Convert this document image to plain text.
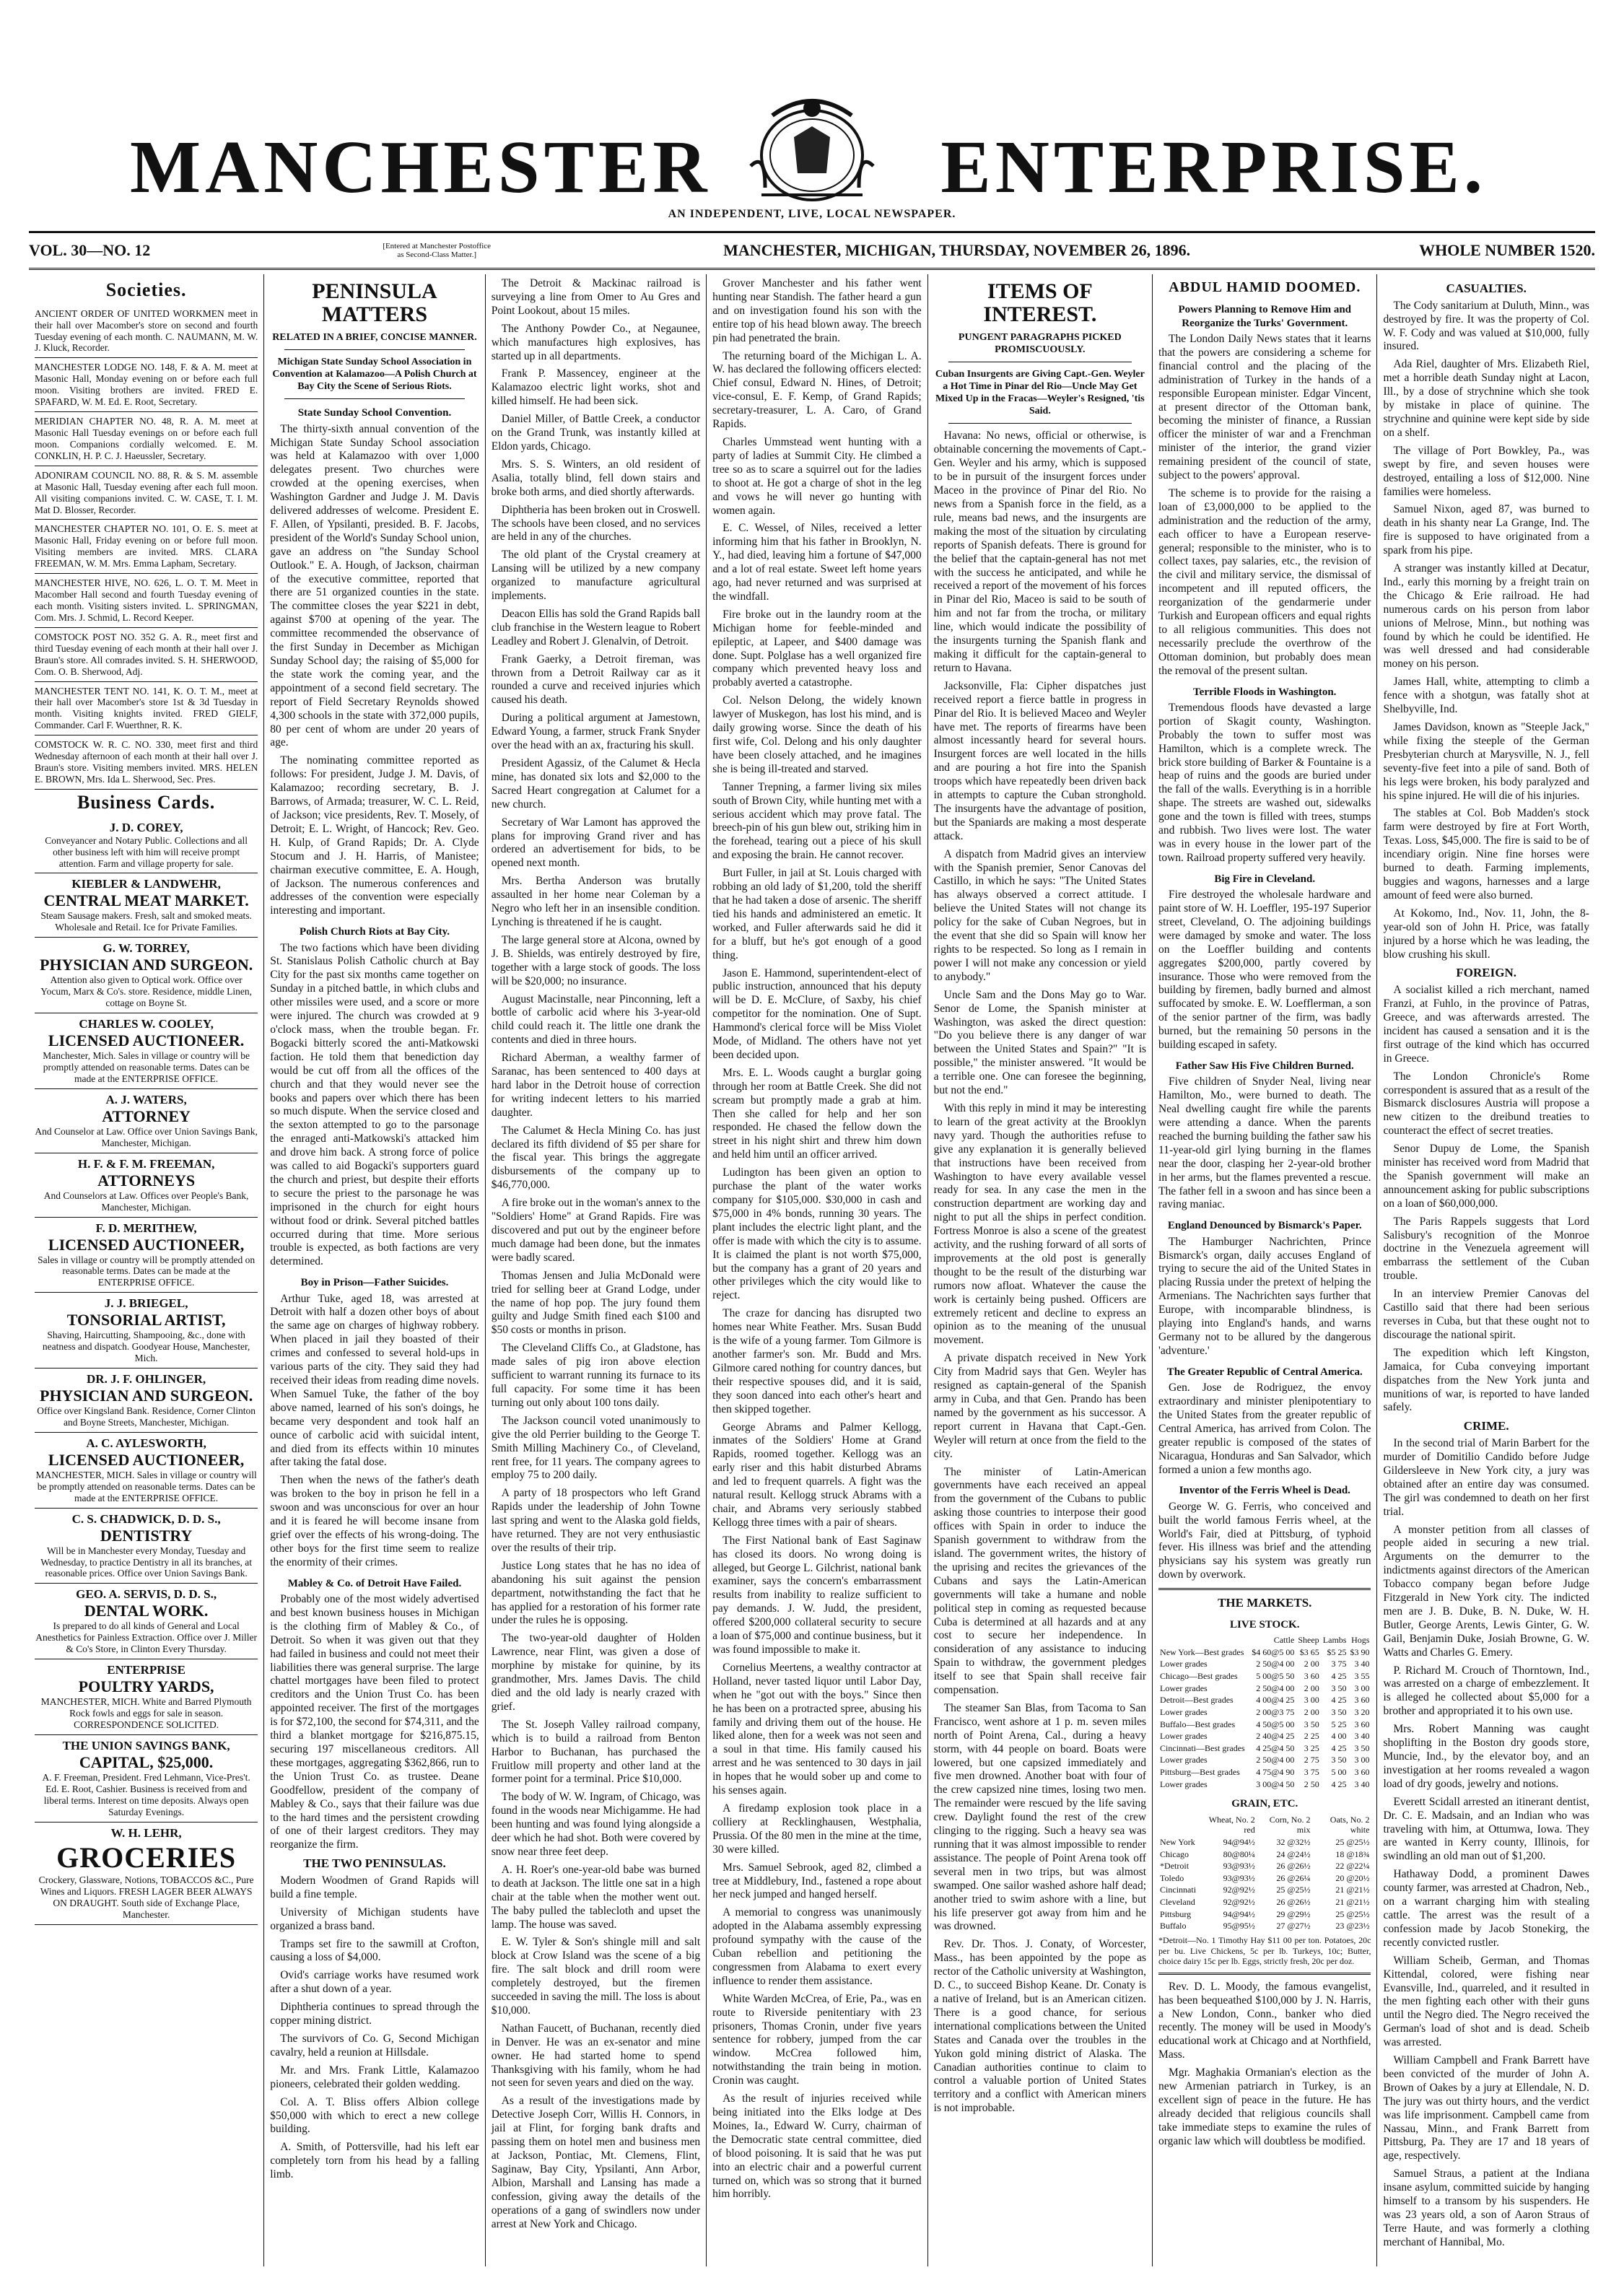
MANCHESTER	ENTERPRISE.
AN INDEPENDENT, LIVE, LOCAL NEWSPAPER.
VOL. 30—NO. 12	[Entered at Manchester Postoffice as Second-Class Matter.]	MANCHESTER, MICHIGAN, THURSDAY, NOVEMBER 26, 1896.	WHOLE NUMBER 1520.
Societies.
ANCIENT ORDER OF UNITED WORKMEN meet in their hall over Macomber's store on second and fourth Tuesday evening of each month. C. NAUMANN, M. W. J. Kluck, Recorder.
MANCHESTER LODGE NO. 148, F. & A. M. meet at Masonic Hall, Monday evening on or before each full moon. Visiting brothers are invited. FRED E. SPAFARD, W. M. Ed. E. Root, Secretary.
MERIDIAN CHAPTER NO. 48, R. A. M. meet at Masonic Hall Tuesday evenings on or before each full moon. Companions cordially welcomed. E. M. CONKLIN, H. P. C. J. Haeussler, Secretary.
ADONIRAM COUNCIL NO. 88, R. & S. M. assemble at Masonic Hall, Tuesday evening after each full moon. All visiting companions invited. C. W. CASE, T. I. M. Mat D. Blosser, Recorder.
MANCHESTER CHAPTER NO. 101, O. E. S. meet at Masonic Hall, Friday evening on or before full moon. Visiting members are invited. MRS. CLARA FREEMAN, W. M. Mrs. Emma Lapham, Secretary.
MANCHESTER HIVE, NO. 626, L. O. T. M. Meet in Macomber Hall second and fourth Tuesday evening of each month. Visiting sisters invited. L. SPRINGMAN, Com. Mrs. J. Schmid, L. Record Keeper.
COMSTOCK POST NO. 352 G. A. R., meet first and third Tuesday evening of each month at their hall over J. Braun's store. All comrades invited. S. H. SHERWOOD, Com. O. B. Sherwood, Adj.
MANCHESTER TENT NO. 141, K. O. T. M., meet at their hall over Macomber's store 1st & 3d Tuesday in month. Visiting knights invited. FRED GIELF, Commander. Carl F. Wuerthner, R. K.
COMSTOCK W. R. C. NO. 330, meet first and third Wednesday afternoon of each month at their hall over J. Braun's store. Visiting members invited. MRS. HELEN E. BROWN, Mrs. Ida L. Sherwood, Sec. Pres.
Business Cards.
J. D. COREY,
Conveyancer and Notary Public. Collections and all other business left with him will receive prompt attention. Farm and village property for sale.
KIEBLER & LANDWEHR,
CENTRAL MEAT MARKET.
Steam Sausage makers. Fresh, salt and smoked meats. Wholesale and Retail. Ice for Private Families.
G. W. TORREY,
PHYSICIAN AND SURGEON.
Attention also given to Optical work. Office over Yocum, Marx & Co's. store. Residence, middle Linen, cottage on Boyne St.
CHARLES W. COOLEY,
LICENSED AUCTIONEER.
Manchester, Mich. Sales in village or country will be promptly attended on reasonable terms. Dates can be made at the ENTERPRISE OFFICE.
A. J. WATERS,
ATTORNEY
And Counselor at Law. Office over Union Savings Bank, Manchester, Michigan.
H. F. & F. M. FREEMAN,
ATTORNEYS
And Counselors at Law. Offices over People's Bank, Manchester, Michigan.
F. D. MERITHEW,
LICENSED AUCTIONEER,
Sales in village or country will be promptly attended on reasonable terms. Dates can be made at the ENTERPRISE OFFICE.
J. J. BRIEGEL,
TONSORIAL ARTIST,
Shaving, Haircutting, Shampooing, &c., done with neatness and dispatch. Goodyear House, Manchester, Mich.
DR. J. F. OHLINGER,
PHYSICIAN AND SURGEON.
Office over Kingsland Bank. Residence, Corner Clinton and Boyne Streets, Manchester, Michigan.
A. C. AYLESWORTH,
LICENSED AUCTIONEER,
MANCHESTER, MICH. Sales in village or country will be promptly attended on reasonable terms. Dates can be made at the ENTERPRISE OFFICE.
C. S. CHADWICK, D. D. S.,
DENTISTRY
Will be in Manchester every Monday, Tuesday and Wednesday, to practice Dentistry in all its branches, at reasonable prices. Office over Union Savings Bank.
GEO. A. SERVIS, D. D. S.,
DENTAL WORK.
Is prepared to do all kinds of General and Local Anesthetics for Painless Extraction. Office over J. Miller & Co's Store, in Clinton Every Thursday.
ENTERPRISE
POULTRY YARDS,
MANCHESTER, MICH. White and Barred Plymouth Rock fowls and eggs for sale in season. CORRESPONDENCE SOLICITED.
THE UNION SAVINGS BANK,
CAPITAL, $25,000.
A. F. Freeman, President. Fred Lehmann, Vice-Pres't. Ed. E. Root, Cashier. Business is received from and liberal terms. Interest on time deposits. Always open Saturday Evenings.
W. H. LEHR,
GROCERIES
Crockery, Glassware, Notions, TOBACCOS &C., Pure Wines and Liquors. FRESH LAGER BEER ALWAYS ON DRAUGHT. South side of Exchange Place, Manchester.
PENINSULA MATTERS
RELATED IN A BRIEF, CONCISE MANNER.
Michigan State Sunday School Association in Convention at Kalamazoo—A Polish Church at Bay City the Scene of Serious Riots.
State Sunday School Convention.

The thirty-sixth annual convention of the Michigan State Sunday School association was held at Kalamazoo with over 1,000 delegates present. Two churches were crowded at the opening exercises, when Washington Gardner and Judge J. M. Davis delivered addresses of welcome. President E. F. Allen, of Ypsilanti, presided. B. F. Jacobs, president of the World's Sunday School union, gave an address on "the Sunday School Outlook." E. A. Hough, of Jackson, chairman of the executive committee, reported that there are 51 organized counties in the state. The committee closes the year $221 in debt, against $700 at opening of the year. The committee recommended the observance of the first Sunday in December as Michigan Sunday School day; the raising of $5,000 for the state work the coming year, and the appointment of a second field secretary. The report of Field Secretary Reynolds showed 4,300 schools in the state with 372,000 pupils, 80 per cent of whom are under 20 years of age.

The nominating committee reported as follows: For president, Judge J. M. Davis, of Kalamazoo; recording secretary, B. J. Barrows, of Armada; treasurer, W. C. L. Reid, of Jackson; vice presidents, Rev. T. Mosely, of Detroit; E. L. Wright, of Hancock; Rev. Geo. H. Kulp, of Grand Rapids; Dr. A. Clyde Stocum and J. H. Harris, of Manistee; chairman executive committee, E. A. Hough, of Jackson. The numerous conferences and addresses of the convention were especially interesting and important.

Polish Church Riots at Bay City.

The two factions which have been dividing St. Stanislaus Polish Catholic church at Bay City for the past six months came together on Sunday in a pitched battle, in which clubs and other missiles were used, and a score or more were injured. The church was crowded at 9 o'clock mass, when the trouble began. Fr. Bogacki bitterly scored the anti-Matkowski faction. He told them that benediction day would be cut off from all the offices of the church and that they would never see the books and papers over which there has been so much dispute. When the service closed and the sexton attempted to go to the parsonage the enraged anti-Matkowski's attacked him and drove him back. A strong force of police was called to aid Bogacki's supporters guard the church and priest, but despite their efforts to secure the priest to the parsonage he was imprisoned in the church for eight hours without food or drink. Several pitched battles occurred during that time. More serious trouble is expected, as both factions are very determined.

Boy in Prison—Father Suicides.

Arthur Tuke, aged 18, was arrested at Detroit with half a dozen other boys of about the same age on charges of highway robbery. When placed in jail they boasted of their crimes and confessed to several hold-ups in various parts of the city. They said they had received their ideas from reading dime novels. When Samuel Tuke, the father of the boy above named, learned of his son's doings, he became very despondent and took half an ounce of carbolic acid with suicidal intent, and died from its effects within 10 minutes after taking the fatal dose.

Then when the news of the father's death was broken to the boy in prison he fell in a swoon and was unconscious for over an hour and it is feared he will become insane from grief over the effects of his wrong-doing. The other boys for the first time seem to realize the enormity of their crimes.

Mabley & Co. of Detroit Have Failed.

Probably one of the most widely advertised and best known business houses in Michigan is the clothing firm of Mabley & Co., of Detroit. So when it was given out that they had failed in business and could not meet their liabilities there was general surprise. The large chattel mortgages have been filed to protect creditors and the Union Trust Co. has been appointed receiver. The first of the mortgages is for $72,100, the second for $74,311, and the third a blanket mortgage for $216,875.15, securing 197 miscellaneous creditors. All these mortgages, aggregating $362,866, run to the Union Trust Co. as trustee. Deane Goodfellow, president of the company of Mabley & Co., says that their failure was due to the hard times and the persistent crowding of one of their largest creditors. They may reorganize the firm.

THE TWO PENINSULAS.

Modern Woodmen of Grand Rapids will build a fine temple.

University of Michigan students have organized a brass band.

Tramps set fire to the sawmill at Crofton, causing a loss of $4,000.

Ovid's carriage works have resumed work after a shut down of a year.

Diphtheria continues to spread through the copper mining district.

The survivors of Co. G, Second Michigan cavalry, held a reunion at Hillsdale.

Mr. and Mrs. Frank Little, Kalamazoo pioneers, celebrated their golden wedding.

Col. A. T. Bliss offers Albion college $50,000 with which to erect a new college building.

A. Smith, of Pottersville, had his left ear completely torn from his head by a falling limb.

The Detroit & Mackinac railroad is surveying a line from Omer to Au Gres and Point Lookout, about 15 miles.

The Anthony Powder Co., at Negaunee, which manufactures high explosives, has started up in all departments.

Frank P. Massencey, engineer at the Kalamazoo electric light works, shot and killed himself. He had been sick.

Daniel Miller, of Battle Creek, a conductor on the Grand Trunk, was instantly killed at Eldon yards, Chicago.

Mrs. S. S. Winters, an old resident of Asalia, totally blind, fell down stairs and broke both arms, and died shortly afterwards.

Diphtheria has been broken out in Croswell. The schools have been closed, and no services are held in any of the churches.

The old plant of the Crystal creamery at Lansing will be utilized by a new company organized to manufacture agricultural implements.

Deacon Ellis has sold the Grand Rapids ball club franchise in the Western league to Robert Leadley and Robert J. Glenalvin, of Detroit.

Frank Gaerky, a Detroit fireman, was thrown from a Detroit Railway car as it rounded a curve and received injuries which caused his death.

During a political argument at Jamestown, Edward Young, a farmer, struck Frank Snyder over the head with an ax, fracturing his skull.

President Agassiz, of the Calumet & Hecla mine, has donated six lots and $2,000 to the Sacred Heart congregation at Calumet for a new church.

Secretary of War Lamont has approved the plans for improving Grand river and has ordered an advertisement for bids, to be opened next month.

Mrs. Bertha Anderson was brutally assaulted in her home near Coleman by a Negro who left her in an insensible condition. Lynching is threatened if he is caught.

The large general store at Alcona, owned by J. B. Shields, was entirely destroyed by fire, together with a large stock of goods. The loss will be $20,000; no insurance.

August Macinstalle, near Pinconning, left a bottle of carbolic acid where his 3-year-old child could reach it. The little one drank the contents and died in three hours.

Richard Aberman, a wealthy farmer of Saranac, has been sentenced to 400 days at hard labor in the Detroit house of correction for writing indecent letters to his married daughter.

The Calumet & Hecla Mining Co. has just declared its fifth dividend of $5 per share for the fiscal year. This brings the aggregate disbursements of the company up to $46,770,000.

A fire broke out in the woman's annex to the "Soldiers' Home" at Grand Rapids. Fire was discovered and put out by the engineer before much damage had been done, but the inmates were badly scared.

Thomas Jensen and Julia McDonald were tried for selling beer at Grand Lodge, under the name of hop pop. The jury found them guilty and Judge Smith fined each $100 and $50 costs or months in prison.

The Cleveland Cliffs Co., at Gladstone, has made sales of pig iron above election sufficient to warrant running its furnace to its full capacity. For some time it has been turning out only about 100 tons daily.

The Jackson council voted unanimously to give the old Perrier building to the George T. Smith Milling Machinery Co., of Cleveland, rent free, for 11 years. The company agrees to employ 75 to 200 daily.

A party of 18 prospectors who left Grand Rapids under the leadership of John Towne last spring and went to the Alaska gold fields, have returned. They are not very enthusiastic over the results of their trip.

Justice Long states that he has no idea of abandoning his suit against the pension department, notwithstanding the fact that he has applied for a restoration of his former rate under the rules he is opposing.

The two-year-old daughter of Holden Lawrence, near Flint, was given a dose of morphine by mistake for quinine, by its grandmother, Mrs. James Davis. The child died and the old lady is nearly crazed with grief.

The St. Joseph Valley railroad company, which is to build a railroad from Benton Harbor to Buchanan, has purchased the Fruitlow mill property and other land at the former point for a terminal. Price $10,000.

The body of W. W. Ingram, of Chicago, was found in the woods near Michigamme. He had been hunting and was found lying alongside a deer which he had shot. Both were covered by snow near three feet deep.

A. H. Roer's one-year-old babe was burned to death at Jackson. The little one sat in a high chair at the table when the mother went out. The baby pulled the tablecloth and upset the lamp. The house was saved.

E. W. Tyler & Son's shingle mill and salt block at Crow Island was the scene of a big fire. The salt block and drill room were completely destroyed, but the firemen succeeded in saving the mill. The loss is about $10,000.

Nathan Faucett, of Buchanan, recently died in Denver. He was an ex-senator and mine owner. He had started home to spend Thanksgiving with his family, whom he had not seen for seven years and died on the way.

As a result of the investigations made by Detective Joseph Corr, Willis H. Connors, in jail at Flint, for forging bank drafts and passing them on hotel men and business men at Jackson, Pontiac, Mt. Clemens, Flint, Saginaw, Bay City, Ypsilanti, Ann Arbor, Albion, Marshall and Lansing has made a confession, giving away the details of the operations of a gang of swindlers now under arrest at New York and Chicago.

Grover Manchester and his father went hunting near Standish. The father heard a gun and on investigation found his son with the entire top of his head blown away. The breech pin had penetrated the brain.

The returning board of the Michigan L. A. W. has declared the following officers elected: Chief consul, Edward N. Hines, of Detroit; vice-consul, E. F. Kemp, of Grand Rapids; secretary-treasurer, L. A. Caro, of Grand Rapids.

Charles Ummstead went hunting with a party of ladies at Summit City. He climbed a tree so as to scare a squirrel out for the ladies to shoot at. He got a charge of shot in the leg and vows he will never go hunting with women again.

E. C. Wessel, of Niles, received a letter informing him that his father in Brooklyn, N. Y., had died, leaving him a fortune of $47,000 and a lot of real estate. Sweet left home years ago, had never returned and was surprised at the windfall.

Fire broke out in the laundry room at the Michigan home for feeble-minded and epileptic, at Lapeer, and $400 damage was done. Supt. Polglase has a well organized fire company which prevented heavy loss and probably averted a catastrophe.

Col. Nelson Delong, the widely known lawyer of Muskegon, has lost his mind, and is daily growing worse. Since the death of his first wife, Col. Delong and his only daughter have been closely attached, and he imagines she is being ill-treated and starved.

Tanner Trepning, a farmer living six miles south of Brown City, while hunting met with a serious accident which may prove fatal. The breech-pin of his gun blew out, striking him in the forehead, tearing out a piece of his skull and exposing the brain. He cannot recover.

Burt Fuller, in jail at St. Louis charged with robbing an old lady of $1,200, told the sheriff that he had taken a dose of arsenic. The sheriff tied his hands and administered an emetic. It worked, and Fuller afterwards said he did it for a bluff, but he's got enough of a good thing.

Jason E. Hammond, superintendent-elect of public instruction, announced that his deputy will be D. E. McClure, of Saxby, his chief competitor for the nomination. One of Supt. Hammond's clerical force will be Miss Violet Mode, of Midland. The others have not yet been decided upon.

Mrs. E. L. Woods caught a burglar going through her room at Battle Creek. She did not scream but promptly made a grab at him. Then she called for help and her son responded. He chased the fellow down the street in his night shirt and threw him down and held him until an officer arrived.

Ludington has been given an option to purchase the plant of the water works company for $105,000. $30,000 in cash and $75,000 in 4% bonds, running 30 years. The plant includes the electric light plant, and the offer is made with which the city is to assume. It is claimed the plant is not worth $75,000, but the company has a grant of 20 years and other privileges which the city would like to reject.

The craze for dancing has disrupted two homes near White Feather. Mrs. Susan Budd is the wife of a young farmer. Tom Gilmore is another farmer's son. Mr. Budd and Mrs. Gilmore cared nothing for country dances, but their respective spouses did, and it is said, they soon danced into each other's heart and then skipped together.

George Abrams and Palmer Kellogg, inmates of the Soldiers' Home at Grand Rapids, roomed together. Kellogg was an early riser and this habit disturbed Abrams and led to frequent quarrels. A fight was the natural result. Kellogg struck Abrams with a chair, and Abrams very seriously stabbed Kellogg three times with a pair of shears.

The First National bank of East Saginaw has closed its doors. No wrong doing is alleged, but George L. Gilchrist, national bank examiner, says the concern's embarrassment results from inability to realize sufficient to pay demands. J. W. Judd, the president, offered $200,000 collateral security to secure a loan of $75,000 and continue business, but it was found impossible to make it.

Cornelius Meertens, a wealthy contractor at Holland, never tasted liquor until Labor Day, when he "got out with the boys." Since then he has been on a protracted spree, abusing his family and driving them out of the house. He liked alone, then for a week was not seen and a soul in that time. His family caused his arrest and he was sentenced to 30 days in jail in hopes that he would sober up and come to his senses again.

A firedamp explosion took place in a colliery at Recklinghausen, Westphalia, Prussia. Of the 80 men in the mine at the time, 30 were killed.

Mrs. Samuel Sebrook, aged 82, climbed a tree at Middlebury, Ind., fastened a rope about her neck jumped and hanged herself.

A memorial to congress was unanimously adopted in the Alabama assembly expressing profound sympathy with the cause of the Cuban rebellion and petitioning the congressmen from Alabama to exert every influence to render them assistance.

White Warden McCrea, of Erie, Pa., was en route to Riverside penitentiary with 23 prisoners, Thomas Cronin, under five years sentence for robbery, jumped from the car window. McCrea followed him, notwithstanding the train being in motion. Cronin was caught.

As the result of injuries received while being initiated into the Elks lodge at Des Moines, Ia., Edward W. Curry, chairman of the Democratic state central committee, died of blood poisoning. It is said that he was put into an electric chair and a powerful current turned on, which was so strong that it burned him horribly.

ITEMS OF INTEREST.
PUNGENT PARAGRAPHS PICKED PROMISCUOUSLY.
Cuban Insurgents are Giving Capt.-Gen. Weyler a Hot Time in Pinar del Rio—Uncle May Get Mixed Up in the Fracas—Weyler's Resigned, 'tis Said.

Havana: No news, official or otherwise, is obtainable concerning the movements of Capt.-Gen. Weyler and his army, which is supposed to be in pursuit of the insurgent forces under Maceo in the province of Pinar del Rio. No news from a Spanish force in the field, as a rule, means bad news, and the insurgents are making the most of the situation by circulating reports of Spanish defeats. There is ground for the belief that the captain-general has not met with the success he anticipated, and while he received a report of the movement of his forces in Pinar del Rio, Maceo is said to be south of him and not far from the trocha, or military line, which would indicate the possibility of the insurgents turning the Spanish flank and making it difficult for the captain-general to return to Havana.

Jacksonville, Fla: Cipher dispatches just received report a fierce battle in progress in Pinar del Rio. It is believed Maceo and Weyler have met. The reports of firearms have been almost incessantly heard for several hours. Insurgent forces are well located in the hills and are pouring a hot fire into the Spanish troops which have repeatedly been driven back in attempts to capture the Cuban stronghold. The insurgents have the advantage of position, but the Spaniards are making a most desperate attack.

A dispatch from Madrid gives an interview with the Spanish premier, Senor Canovas del Castillo, in which he says: "The United States has always observed a correct attitude. I believe the United States will not change its policy for the sake of Cuban Negroes, but in the event that she did so Spain will know her rights to be respected. So long as I remain in power I will not make any concession or yield to anybody."

Uncle Sam and the Dons May go to War. Senor de Lome, the Spanish minister at Washington, was asked the direct question: "Do you believe there is any danger of war between the United States and Spain?" "It is possible," the minister answered. "It would be a terrible one. One can foresee the beginning, but not the end."

With this reply in mind it may be interesting to learn of the great activity at the Brooklyn navy yard. Though the authorities refuse to give any explanation it is generally believed that instructions have been received from Washington to have every available vessel ready for sea. In any case the men in the construction department are working day and night to put all the ships in perfect condition. Fortress Monroe is also a scene of the greatest activity, and the rushing forward of all sorts of improvements at the old post is generally thought to be the result of the disturbing war rumors now afloat. Whatever the cause the work is certainly being pushed. Officers are extremely reticent and decline to express an opinion as to the meaning of the unusual movement.

A private dispatch received in New York City from Madrid says that Gen. Weyler has resigned as captain-general of the Spanish army in Cuba, and that Gen. Prando has been named by the government as his successor. A report current in Havana that Capt.-Gen. Weyler will return at once from the field to the city.

The minister of Latin-American governments have each received an appeal from the government of the Cubans to public asking those countries to interpose their good offices with Spain in order to induce the Spanish government to withdraw from the island. The government writes, the history of the uprising and recites the grievances of the Cubans and says the Latin-American governments will take a humane and noble political step in coming as requested because Cuba is determined at all hazards and at any cost to secure her independence. In consideration of any assistance to inducing Spain to withdraw, the government pledges itself to see that Spain shall receive fair compensation.

The steamer San Blas, from Tacoma to San Francisco, went ashore at 1 p. m. seven miles north of Point Arena, Cal., during a heavy storm, with 44 people on board. Boats were lowered, but one capsized immediately and five men drowned. Another boat with four of the crew capsized nine times, losing two men. The remainder were rescued by the life saving crew. Daylight found the rest of the crew clinging to the rigging. Such a heavy sea was running that it was almost impossible to render assistance. The people of Point Arena took off several men in two trips, but was almost swamped. One sailor washed ashore half dead; another tried to swim ashore with a line, but his life preserver got away from him and he was drowned.

Rev. Dr. Thos. J. Conaty, of Worcester, Mass., has been appointed by the pope as rector of the Catholic university at Washington, D. C., to succeed Bishop Keane. Dr. Conaty is a native of Ireland, but is an American citizen. There is a good chance, for serious international complications between the United States and Canada over the troubles in the Yukon gold mining district of Alaska. The Canadian authorities continue to claim to control a valuable portion of United States territory and a conflict with American miners is not improbable.

ABDUL HAMID DOOMED.
Powers Planning to Remove Him and Reorganize the Turks' Government.

The London Daily News states that it learns that the powers are considering a scheme for financial control and the placing of the administration of Turkey in the hands of a responsible European minister. Edgar Vincent, at present director of the Ottoman bank, becoming the minister of finance, a Russian officer the minister of war and a Frenchman minister of the interior, the grand vizier remaining president of the council of state, subject to the powers' approval.

The scheme is to provide for the raising a loan of £3,000,000 to be applied to the administration and the reduction of the army, each officer to have a European reserve-general; responsible to the minister, who is to collect taxes, pay salaries, etc., the revision of the civil and military service, the dismissal of incompetent and ill reputed officers, the reorganization of the gendarmerie under Turkish and European officers and equal rights to all religious communities. This does not necessarily preclude the overthrow of the Ottoman dominion, but probably does mean the removal of the present sultan.

Terrible Floods in Washington.

Tremendous floods have devasted a large portion of Skagit county, Washington. Probably the town to suffer most was Hamilton, which is a complete wreck. The brick store building of Barker & Fountaine is a heap of ruins and the goods are buried under the fall of the walls. Everything is in a horrible shape. The streets are washed out, sidewalks gone and the town is filled with trees, stumps and rubbish. Two lives were lost. The water was in every house in the lower part of the town. Railroad property suffered very heavily.

Big Fire in Cleveland.

Fire destroyed the wholesale hardware and paint store of W. H. Loeffler, 195-197 Superior street, Cleveland, O. The adjoining buildings were damaged by smoke and water. The loss on the Loeffler building and contents aggregates $200,000, partly covered by insurance. Those who were removed from the building by firemen, badly burned and almost suffocated by smoke. E. W. Loefflerman, a son of the senior partner of the firm, was badly burned, but the remaining 50 persons in the building escaped in safety.

Father Saw His Five Children Burned.

Five children of Snyder Neal, living near Hamilton, Mo., were burned to death. The Neal dwelling caught fire while the parents were attending a dance. When the parents reached the burning building the father saw his 11-year-old girl lying burning in the flames near the door, clasping her 2-year-old brother in her arms, but the flames prevented a rescue. The father fell in a swoon and has since been a raving maniac.

England Denounced by Bismarck's Paper.

The Hamburger Nachrichten, Prince Bismarck's organ, daily accuses England of trying to secure the aid of the United States in placing Russia under the pretext of helping the Armenians. The Nachrichten says further that Europe, with incomparable blindness, is playing into England's hands, and warns Germany not to be allured by the dangerous 'adventure.'

The Greater Republic of Central America.

Gen. Jose de Rodriguez, the envoy extraordinary and minister plenipotentiary to the United States from the greater republic of Central America, has arrived from Colon. The greater republic is composed of the states of Nicaragua, Honduras and San Salvador, which formed a union a few months ago.

Inventor of the Ferris Wheel is Dead.

George W. G. Ferris, who conceived and built the world famous Ferris wheel, at the World's Fair, died at Pittsburg, of typhoid fever. His illness was brief and the attending physicians say his system was greatly run down by overwork.

THE MARKETS.
LIVE STOCK.
	Cattle	Sheep	Lambs	Hogs
New York—Best grades	$4 60@5 00	$3 65	$5 25	$3 90
Lower grades	2 50@4 00	2 00	3 75	3 40
Chicago—Best grades	5 00@5 50	3 60	4 25	3 55
Lower grades	2 50@4 00	2 00	3 50	3 00
Detroit—Best grades	4 00@4 25	3 00	4 25	3 60
Lower grades	2 00@3 75	2 00	3 50	3 20
Buffalo—Best grades	4 50@5 00	3 50	5 25	3 60
Lower grades	2 40@4 25	2 25	4 00	3 40
Cincinnati—Best grades	4 25@4 50	3 25	4 25	3 50
Lower grades	2 50@4 00	2 75	3 50	3 00
Pittsburg—Best grades	4 75@4 90	3 75	5 00	3 60
Lower grades	3 00@4 50	2 50	4 25	3 40
GRAIN, ETC.
	Wheat, No. 2 red	Corn, No. 2 mix	Oats, No. 2 white
New York	94@94½	32 @32½	25 @25½
Chicago	80@80¼	24 @24½	18 @18¾
*Detroit	93@93½	26 @26½	22 @22¼
Toledo	93@93½	26 @26¼	20 @20½
Cincinnati	92@92½	25 @25½	21 @21½
Cleveland	92@92½	26 @26½	21 @21½
Pittsburg	94@94½	29 @29½	25 @25½
Buffalo	95@95½	27 @27½	23 @23½
*Detroit—No. 1 Timothy Hay $11 00 per ton. Potatoes, 20c per bu. Live Chickens, 5c per lb. Turkeys, 10c; Butter, choice dairy 15c per lb. Eggs, strictly fresh, 20c per doz.

Rev. D. L. Moody, the famous evangelist, has been bequeathed $100,000 by J. N. Harris, a New London, Conn., banker who died recently. The money will be used in Moody's educational work at Chicago and at Northfield, Mass.

Mgr. Maghakia Ormanian's election as the new Armenian patriarch in Turkey, is an excellent sign of peace in the future. He has already decided that religious councils shall take immediate steps to examine the rules of organic law which will doubtless be modified.

CASUALTIES.

The Cody sanitarium at Duluth, Minn., was destroyed by fire. It was the property of Col. W. F. Cody and was valued at $10,000, fully insured.

Ada Riel, daughter of Mrs. Elizabeth Riel, met a horrible death Sunday night at Lacon, Ill., by a dose of strychnine which she took by mistake in place of quinine. The strychnine and quinine were kept side by side on a shelf.

The village of Port Bowkley, Pa., was swept by fire, and seven houses were destroyed, entailing a loss of $12,000. Nine families were homeless.

Samuel Nixon, aged 87, was burned to death in his shanty near La Grange, Ind. The fire is supposed to have originated from a spark from his pipe.

A stranger was instantly killed at Decatur, Ind., early this morning by a freight train on the Chicago & Erie railroad. He had numerous cards on his person from labor unions of Melrose, Minn., but nothing was found by which he could be identified. He was well dressed and had considerable money on his person.

James Hall, white, attempting to climb a fence with a shotgun, was fatally shot at Shelbyville, Ind.

James Davidson, known as "Steeple Jack," while fixing the steeple of the German Presbyterian church at Marysville, N. J., fell seventy-five feet into a pile of sand. Both of his legs were broken, his body paralyzed and his spine injured. He will die of his injuries.

The stables at Col. Bob Madden's stock farm were destroyed by fire at Fort Worth, Texas. Loss, $45,000. The fire is said to be of incendiary origin. Nine fine horses were burned to death. Farming implements, buggies and wagons, harnesses and a large amount of feed were also burned.

At Kokomo, Ind., Nov. 11, John, the 8-year-old son of John H. Price, was fatally injured by a horse which he was leading, the blow crushing his skull.

FOREIGN.

A socialist killed a rich merchant, named Franzi, at Fuhlo, in the province of Patras, Greece, and was afterwards arrested. The incident has caused a sensation and it is the first outrage of the kind which has occurred in Greece.

The London Chronicle's Rome correspondent is assured that as a result of the Bismarck disclosures Austria will propose a new citizen to the dreibund treaties to counteract the effect of secret treaties.

Senor Dupuy de Lome, the Spanish minister has received word from Madrid that the Spanish government will make an announcement asking for public subscriptions on a loan of $60,000,000.

The Paris Rappels suggests that Lord Salisbury's recognition of the Monroe doctrine in the Venezuela agreement will embarrass the settlement of the Cuban trouble.

In an interview Premier Canovas del Castillo said that there had been serious reverses in Cuba, but that these ought not to discourage the national spirit.

The expedition which left Kingston, Jamaica, for Cuba conveying important dispatches from the New York junta and munitions of war, is reported to have landed safely.

CRIME.

In the second trial of Marin Barbert for the murder of Domitilio Candido before Judge Gildersleeve in New York city, a jury was obtained after an entire day was consumed. The girl was condemned to death on her first trial.

A monster petition from all classes of people aided in securing a new trial. Arguments on the demurrer to the indictments against directors of the American Tobacco company began before Judge Fitzgerald in New York city. The indicted men are J. B. Duke, B. N. Duke, W. H. Butler, George Arents, Lewis Ginter, G. W. Gail, Benjamin Duke, Josiah Browne, G. W. Watts and Charles G. Emery.

P. Richard M. Crouch of Thorntown, Ind., was arrested on a charge of embezzlement. It is alleged he collected about $5,000 for a brother and appropriated it to his own use.

Mrs. Robert Manning was caught shoplifting in the Boston dry goods store, Muncie, Ind., by the elevator boy, and an investigation at her rooms revealed a wagon load of dry goods, jewelry and notions.

Everett Scidall arrested an itinerant dentist, Dr. C. E. Madsain, and an Indian who was traveling with him, at Ottumwa, Iowa. They are wanted in Kerry county, Illinois, for swindling an old man out of $1,200.

Hathaway Dodd, a prominent Dawes county farmer, was arrested at Chadron, Neb., on a warrant charging him with stealing cattle. The arrest was the result of a confession made by Jacob Stonekirg, the recently convicted rustler.

William Scheib, German, and Thomas Kittendal, colored, were fishing near Evansville, Ind., quarreled, and it resulted in the men fighting each other with their guns until the Negro died. The Negro received the German's load of shot and is dead. Scheib was arrested.

William Campbell and Frank Barrett have been convicted of the murder of John A. Brown of Oakes by a jury at Ellendale, N. D. The jury was out thirty hours, and the verdict was life imprisonment. Campbell came from Nassau, Minn., and Frank Barrett from Pittsburg, Pa. They are 17 and 18 years of age, respectively.

Samuel Straus, a patient at the Indiana insane asylum, committed suicide by hanging himself to a transom by his suspenders. He was 23 years old, a son of Aaron Straus of Terre Haute, and was formerly a clothing merchant of Hannibal, Mo.
